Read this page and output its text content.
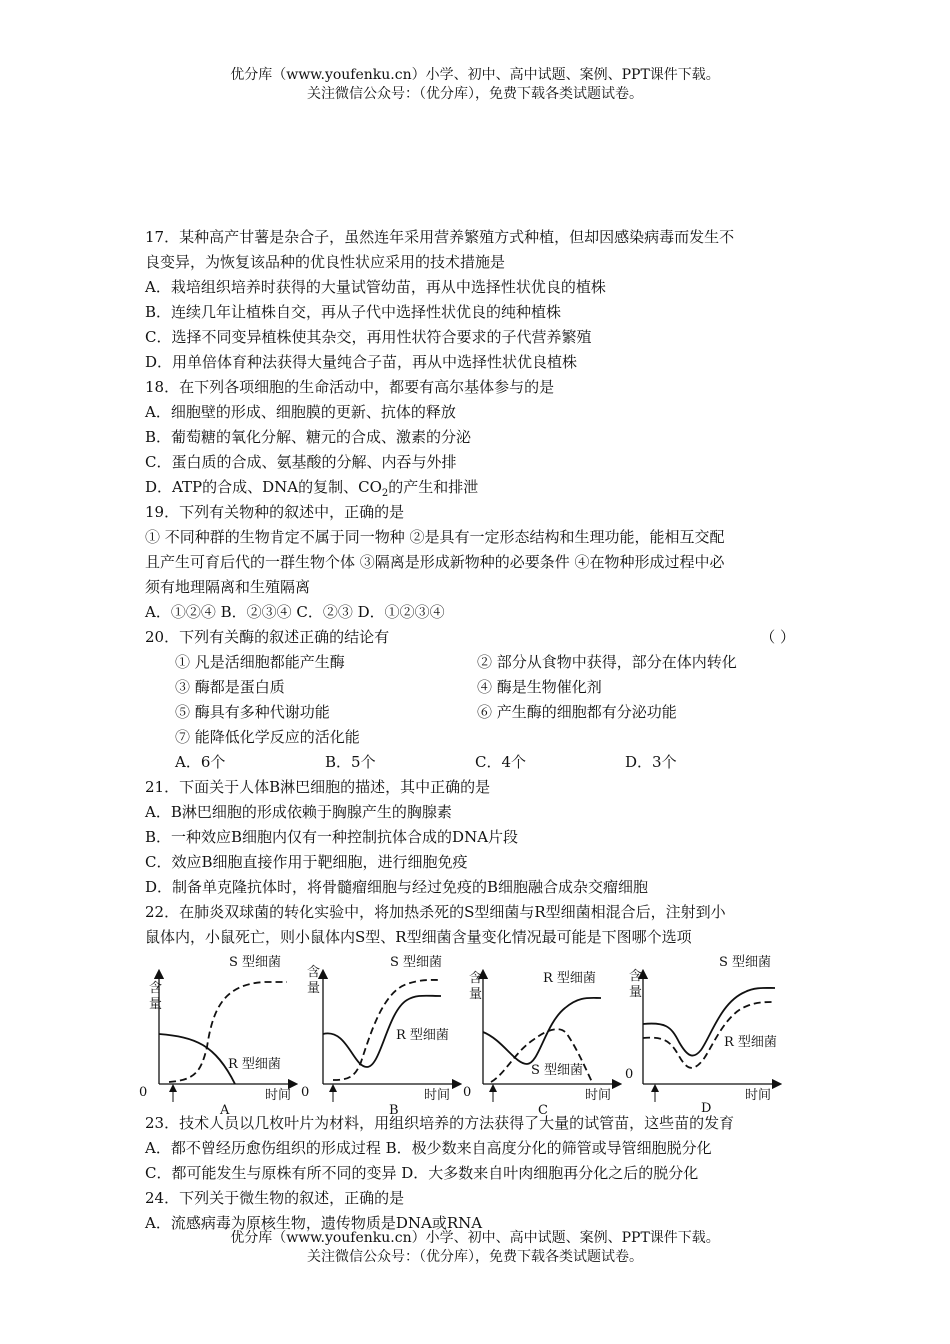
优分库（www.youfenku.cn）小学、初中、高中试题、案例、PPT课件下载。
关注微信公众号：（优分库），免费下载各类试题试卷。
17．某种高产甘薯是杂合子，虽然连年采用营养繁殖方式种植，但却因感染病毒而发生不
良变异，为恢复该品种的优良性状应采用的技术措施是
A．栽培组织培养时获得的大量试管幼苗，再从中选择性状优良的植株
B．连续几年让植株自交，再从子代中选择性状优良的纯种植株
C．选择不同变异植株使其杂交，再用性状符合要求的子代营养繁殖
D．用单倍体育种法获得大量纯合子苗，再从中选择性状优良植株
18．在下列各项细胞的生命活动中，都要有高尔基体参与的是
A．细胞壁的形成、细胞膜的更新、抗体的释放
B．葡萄糖的氧化分解、糖元的合成、激素的分泌
C．蛋白质的合成、氨基酸的分解、内吞与外排
D．ATP的合成、DNA的复制、$CO_2$的产生和排泄
19．下列有关物种的叙述中，正确的是
① 不同种群的生物肯定不属于同一物种 ②是具有一定形态结构和生理功能，能相互交配
且产生可育后代的一群生物个体 ③隔离是形成新物种的必要条件 ④在物种形成过程中必
须有地理隔离和生殖隔离
A．①②④ B．②③④ C．②③ D．①②③④
20．下列有关酶的叙述正确的结论有	（ ）
① 凡是活细胞都能产生酶	② 部分从食物中获得，部分在体内转化
③ 酶都是蛋白质	④ 酶是生物催化剂
⑤ 酶具有多种代谢功能	⑥ 产生酶的细胞都有分泌功能
⑦ 能降低化学反应的活化能
A．6个	B．5个	C．4个	D．3个
21．下面关于人体B淋巴细胞的描述，其中正确的是
A．B淋巴细胞的形成依赖于胸腺产生的胸腺素
B．一种效应B细胞内仅有一种控制抗体合成的DNA片段
C．效应B细胞直接作用于靶细胞，进行细胞免疫
D．制备单克隆抗体时，将骨髓瘤细胞与经过免疫的B细胞融合成杂交瘤细胞
22．在肺炎双球菌的转化实验中，将加热杀死的S型细菌与R型细菌相混合后，注射到小
鼠体内，小鼠死亡，则小鼠体内S型、R型细菌含量变化情况最可能是下图哪个选项
含
量
0	时间
S 型细菌
R 型细菌
A
含
量
0	时间
S 型细菌
R 型细菌
B
含
量
0	时间
R 型细菌
S 型细菌
C
含
量
0
时间
S 型细菌
R 型细菌
D
23．技术人员以几枚叶片为材料，用组织培养的方法获得了大量的试管苗，这些苗的发育
A．都不曾经历愈伤组织的形成过程 B．极少数来自高度分化的筛管或导管细胞脱分化
C．都可能发生与原株有所不同的变异 D．大多数来自叶肉细胞再分化之后的脱分化
24．下列关于微生物的叙述，正确的是
A．流感病毒为原核生物，遗传物质是DNA或RNA
优分库（www.youfenku.cn）小学、初中、高中试题、案例、PPT课件下载。
关注微信公众号：（优分库），免费下载各类试题试卷。
